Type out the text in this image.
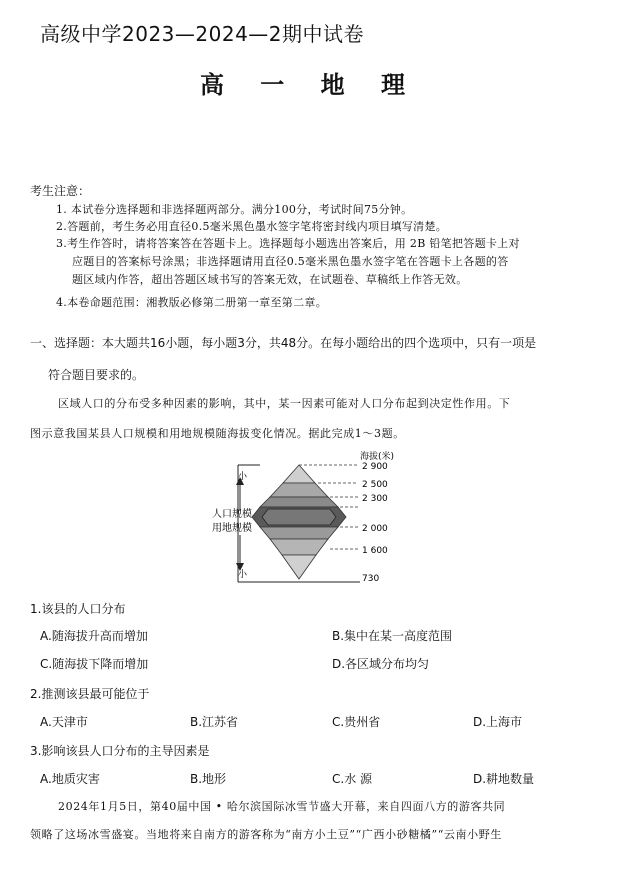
高级中学2023—2024—2期中试卷
高 一 地 理
考生注意：
1. 本试卷分选择题和非选择题两部分。满分100分，考试时间75分钟。
2.答题前，考生务必用直径0.5毫米黑色墨水签字笔将密封线内项目填写清楚。
3.考生作答时，请将答案答在答题卡上。选择题每小题选出答案后，用 2B 铅笔把答题卡上对
应题目的答案标号涂黑；非选择题请用直径0.5毫米黑色墨水签字笔在答题卡上各题的答
题区域内作答，超出答题区域书写的答案无效，在试题卷、草稿纸上作答无效。
4.本卷命题范围：湘教版必修第二册第一章至第二章。
一、选择题：本大题共16小题，每小题3分，共48分。在每小题给出的四个选项中，只有一项是
符合题目要求的。
区域人口的分布受多种因素的影响，其中，某一因素可能对人口分布起到决定性作用。下
图示意我国某县人口规模和用地规模随海拔变化情况。据此完成1～3题。
海拔(米)
2 900
2 500
2 300
2 000
1 600
730
小
小
人口规模
用地规模
1.该县的人口分布
A.随海拔升高而增加	B.集中在某一高度范围
C.随海拔下降而增加	D.各区域分布均匀
2.推测该县最可能位于
A.天津市	B.江苏省	C.贵州省	D.上海市
3.影响该县人口分布的主导因素是
A.地质灾害	B.地形	C.水 源	D.耕地数量
2024年1月5日，第40届中国 • 哈尔滨国际冰雪节盛大开幕，来自四面八方的游客共同
领略了这场冰雪盛宴。当地将来自南方的游客称为“南方小土豆”“广西小砂糖橘”“云南小野生
